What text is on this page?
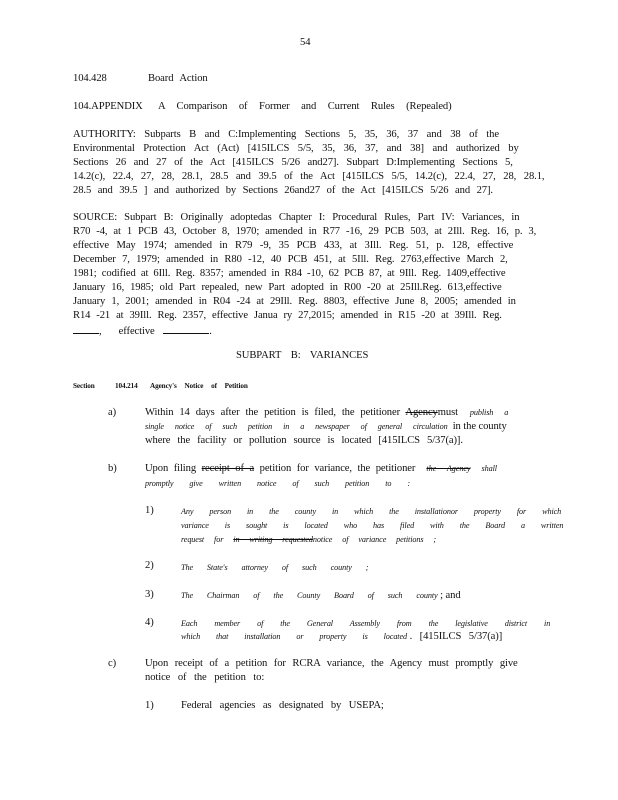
54
104.428	Board Action
104.APPENDIX A Comparison of Former and Current Rules (Repealed)
AUTHORITY: Subparts B and C:Implementing Sections 5, 35, 36, 37 and 38 of the
Environmental Protection Act (Act) [415ILCS 5/5, 35, 36, 37, and 38] and authorized by
Sections 26 and 27 of the Act [415ILCS 5/26 and27]. Subpart D:Implementing Sections 5,
14.2(c), 22.4, 27, 28, 28.1, 28.5 and 39.5 of the Act [415ILCS 5/5, 14.2(c), 22.4, 27, 28, 28.1,
28.5 and 39.5 ] and authorized by Sections 26and27 of the Act [415ILCS 5/26 and 27].
SOURCE: Subpart B: Originally adoptedas Chapter I: Procedural Rules, Part IV: Variances, in
R70 -4, at 1 PCB 43, October 8, 1970; amended in R77 -16, 29 PCB 503, at 2Ill. Reg. 16, p. 3,
effective May 1974; amended in R79 -9, 35 PCB 433, at 3Ill. Reg. 51, p. 128, effective
December 7, 1979; amended in R80 -12, 40 PCB 451, at 5Ill. Reg. 2763,effective March 2,
1981; codified at 6Ill. Reg. 8357; amended in R84 -10, 62 PCB 87, at 9Ill. Reg. 1409,effective
January 16, 1985; old Part repealed, new Part adopted in R00 -20 at 25Ill.Reg. 613,effective
January 1, 2001; amended in R04 -24 at 29Ill. Reg. 8803, effective June 8, 2005; amended in
R14 -21 at 39Ill. Reg. 2357, effective Janua ry 27,2015; amended in R15 -20 at 39Ill. Reg.
, effective	.
SUBPART B: VARIANCES
Section	104.214 Agency's Notice of Petition
a)	Within 14 days after the petition is filed, the petitioner Agencymust publish a
single notice of such petition in a newspaper of general circulation in the county
where the facility or pollution source is located [415ILCS 5/37(a)].
b)	Upon filing receipt of a petition for variance, the petitioner the Agency shall
promptly give written notice of such petition to :
1)	Any person in the county in which the installationor property for which
variance is sought is located who has filed with the Board a written
request for in writing requestednotice of variance petitions ;
2)	The State's attorney of such county ;
3)	The Chairman of the County Board of such county ; and
4)	Each member of the General Assembly from the legislative district in
which that installation or property is located . [415ILCS 5/37(a)]
c)	Upon receipt of a petition for RCRA variance, the Agency must promptly give
notice of the petition to:
1)	Federal agencies as designated by USEPA;
